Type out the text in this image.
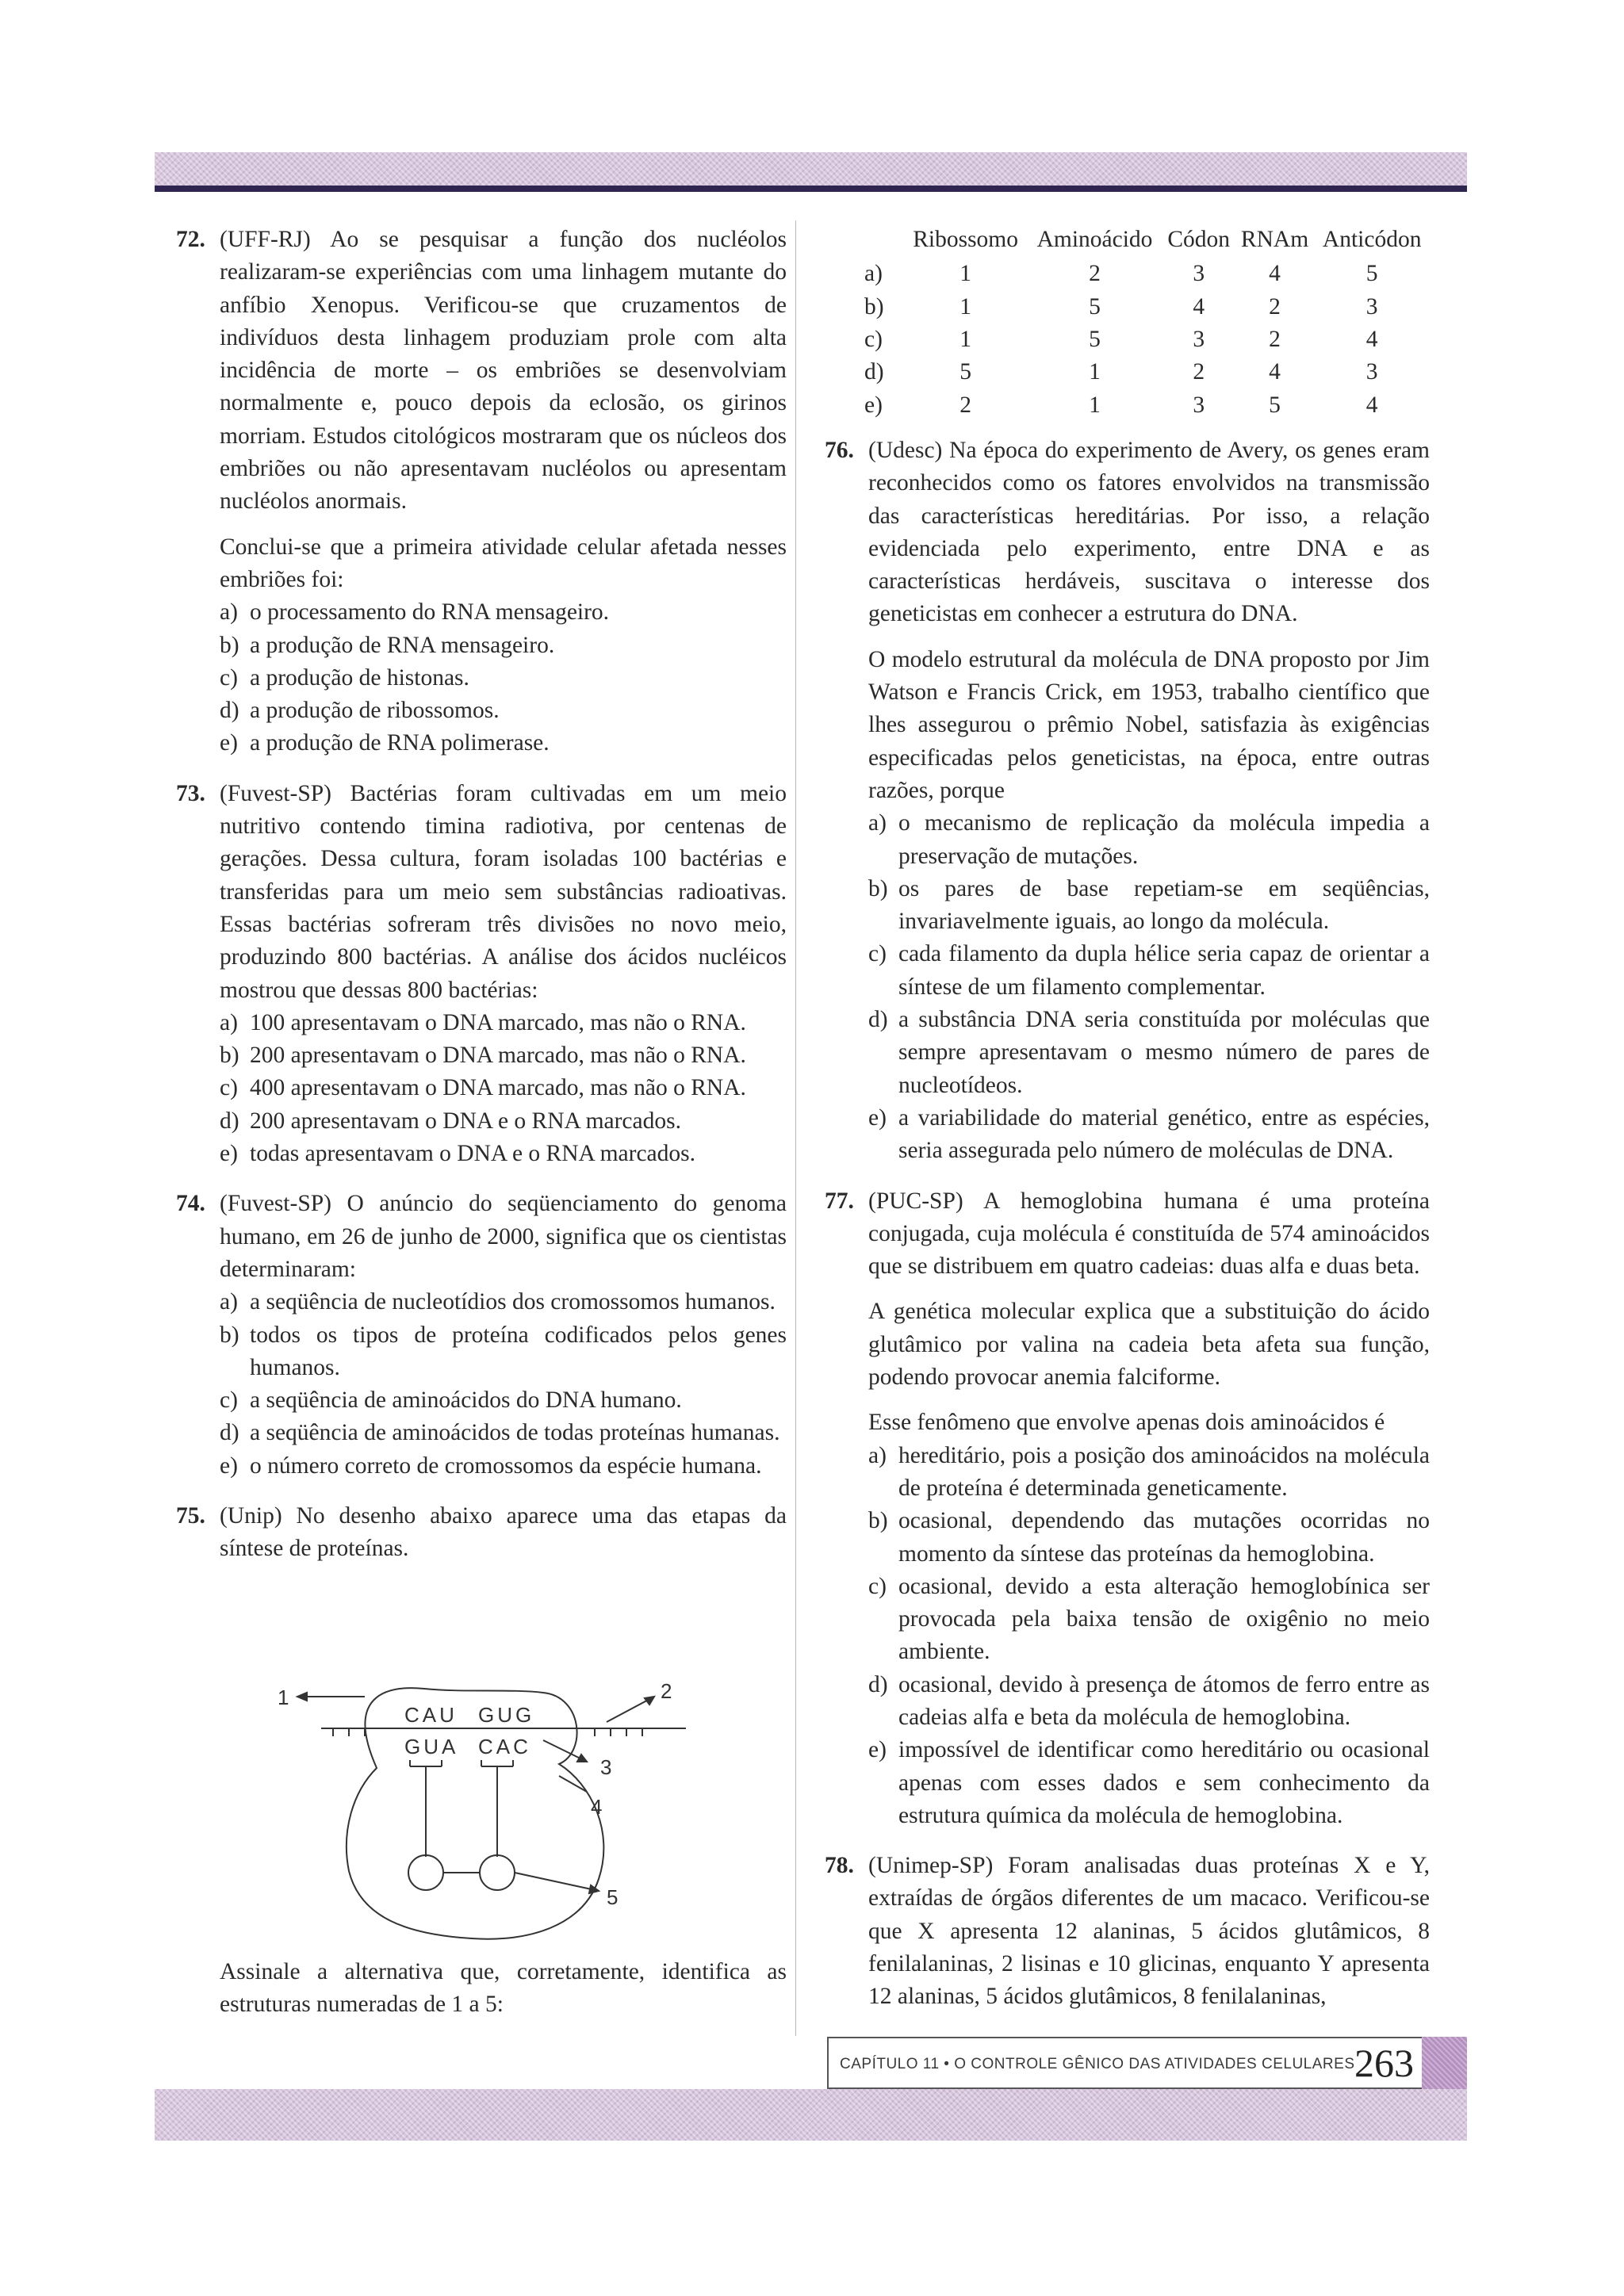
72. (UFF-RJ) Ao se pesquisar a função dos nucléolos realizaram-se experiências com uma linhagem mutante do anfíbio Xenopus. Verificou-se que cruzamentos de indivíduos desta linhagem produziam prole com alta incidência de morte – os embriões se desenvolviam normalmente e, pouco depois da eclosão, os girinos morriam. Estudos citológicos mostraram que os núcleos dos embriões ou não apresentavam nucléolos ou apresentam nucléolos anormais.

Conclui-se que a primeira atividade celular afetada nesses embriões foi:

a) o processamento do RNA mensageiro.

b) a produção de RNA mensageiro.

c) a produção de histonas.

d) a produção de ribossomos.

e) a produção de RNA polimerase.

73. (Fuvest-SP) Bactérias foram cultivadas em um meio nutritivo contendo timina radiotiva, por centenas de gerações. Dessa cultura, foram isoladas 100 bactérias e transferidas para um meio sem substâncias radioativas. Essas bactérias sofreram três divisões no novo meio, produzindo 800 bactérias. A análise dos ácidos nucléicos mostrou que dessas 800 bactérias:

a) 100 apresentavam o DNA marcado, mas não o RNA.

b) 200 apresentavam o DNA marcado, mas não o RNA.

c) 400 apresentavam o DNA marcado, mas não o RNA.

d) 200 apresentavam o DNA e o RNA marcados.

e) todas apresentavam o DNA e o RNA marcados.

74. (Fuvest-SP) O anúncio do seqüenciamento do genoma humano, em 26 de junho de 2000, significa que os cientistas determinaram:

a) a seqüência de nucleotídios dos cromossomos humanos.

b) todos os tipos de proteína codificados pelos genes humanos.

c) a seqüência de aminoácidos do DNA humano.

d) a seqüência de aminoácidos de todas proteínas humanas.

e) o número correto de cromossomos da espécie humana.

75. (Unip) No desenho abaixo aparece uma das etapas da síntese de proteínas.

CAU GUG
GUA CAC
1	2
3
4
5

Assinale a alternativa que, corretamente, identifica as estruturas numeradas de 1 a 5:

	Ribossomo	Aminoácido	Códon	RNAm	Anticódon
a)	1	2	3	4	5
b)	1	5	4	2	3
c)	1	5	3	2	4
d)	5	1	2	4	3
e)	2	1	3	5	4
76. (Udesc) Na época do experimento de Avery, os genes eram reconhecidos como os fatores envolvidos na transmissão das características hereditárias. Por isso, a relação evidenciada pelo experimento, entre DNA e as características herdáveis, suscitava o interesse dos geneticistas em conhecer a estrutura do DNA.

O modelo estrutural da molécula de DNA proposto por Jim Watson e Francis Crick, em 1953, trabalho científico que lhes assegurou o prêmio Nobel, satisfazia às exigências especificadas pelos geneticistas, na época, entre outras razões, porque

a) o mecanismo de replicação da molécula impedia a preservação de mutações.

b) os pares de base repetiam-se em seqüências, invariavelmente iguais, ao longo da molécula.

c) cada filamento da dupla hélice seria capaz de orientar a síntese de um filamento complementar.

d) a substância DNA seria constituída por moléculas que sempre apresentavam o mesmo número de pares de nucleotídeos.

e) a variabilidade do material genético, entre as espécies, seria assegurada pelo número de moléculas de DNA.

77. (PUC-SP) A hemoglobina humana é uma proteína conjugada, cuja molécula é constituída de 574 aminoácidos que se distribuem em quatro cadeias: duas alfa e duas beta.

A genética molecular explica que a substituição do ácido glutâmico por valina na cadeia beta afeta sua função, podendo provocar anemia falciforme.

Esse fenômeno que envolve apenas dois aminoácidos é

a) hereditário, pois a posição dos aminoácidos na molécula de proteína é determinada geneticamente.

b) ocasional, dependendo das mutações ocorridas no momento da síntese das proteínas da hemoglobina.

c) ocasional, devido a esta alteração hemoglobínica ser provocada pela baixa tensão de oxigênio no meio ambiente.

d) ocasional, devido à presença de átomos de ferro entre as cadeias alfa e beta da molécula de hemoglobina.

e) impossível de identificar como hereditário ou ocasional apenas com esses dados e sem conhecimento da estrutura química da molécula de hemoglobina.

78. (Unimep-SP) Foram analisadas duas proteínas X e Y, extraídas de órgãos diferentes de um macaco. Verificou-se que X apresenta 12 alaninas, 5 ácidos glutâmicos, 8 fenilalaninas, 2 lisinas e 10 glicinas, enquanto Y apresenta 12 alaninas, 5 ácidos glutâmicos, 8 fenilalaninas,

CAPÍTULO 11 • O CONTROLE GÊNICO DAS ATIVIDADES CELULARES 263
